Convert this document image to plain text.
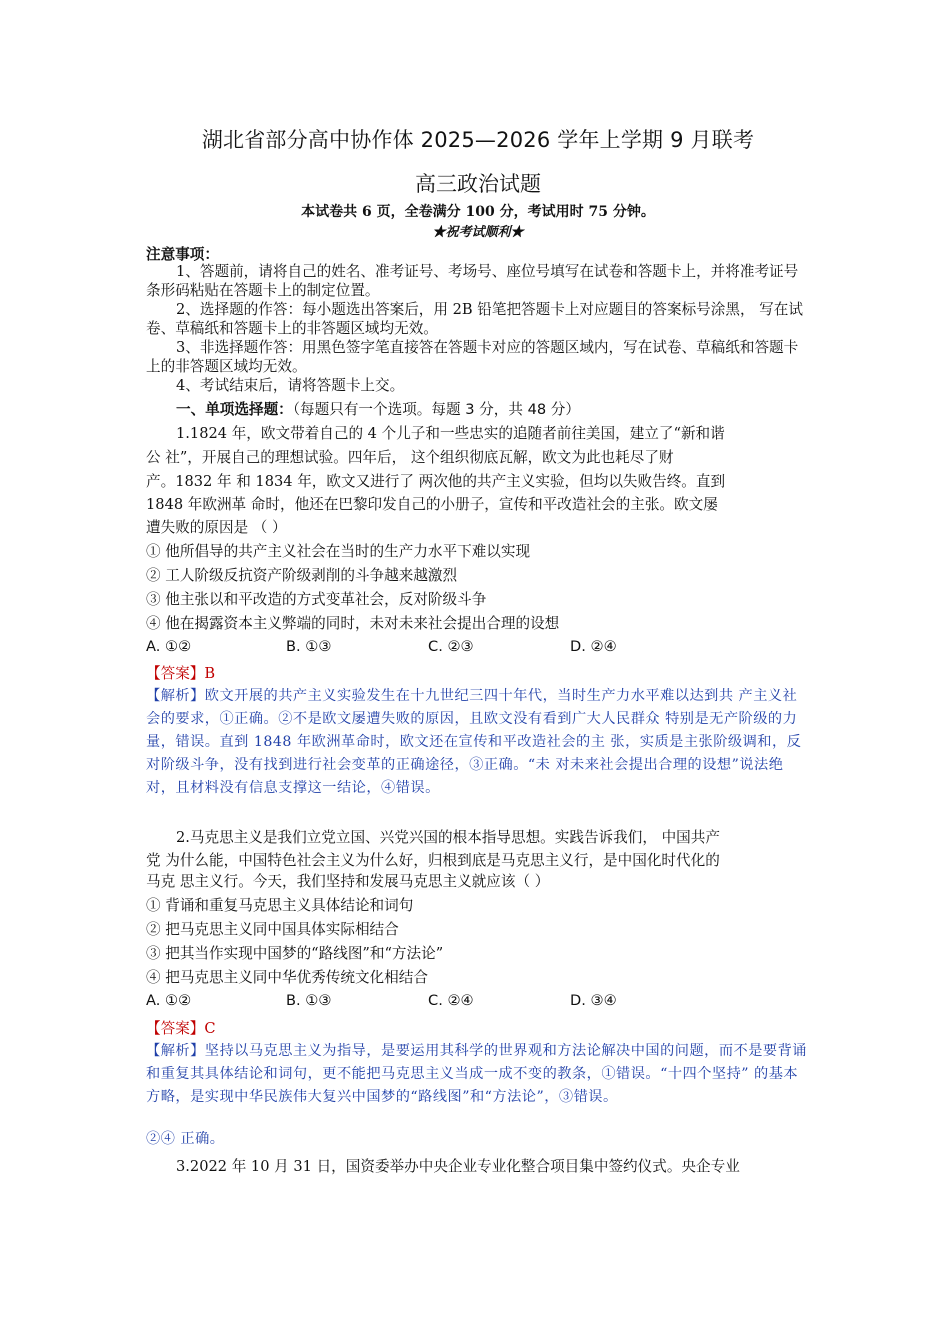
湖北省部分高中协作体 2025—2026 学年上学期 9 月联考
高三政治试题
本试卷共 6 页，全卷满分 100 分，考试用时 75 分钟。
★祝考试顺利★
注意事项：

1、答题前，请将自己的姓名、准考证号、考场号、座位号填写在试卷和答题卡上，并将准考证号条形码粘贴在答题卡上的制定位置。

2、选择题的作答：每小题选出答案后，用 2B 铅笔把答题卡上对应题目的答案标号涂黑， 写在试卷、草稿纸和答题卡上的非答题区域均无效。

3、非选择题作答：用黑色签字笔直接答在答题卡对应的答题区域内，写在试卷、草稿纸和答题卡上的非答题区域均无效。

4、考试结束后，请将答题卡上交。

一、单项选择题：（每题只有一个选项。每题 3 分，共 48 分）
1.1824 年，欧文带着自己的 4 个儿子和一些忠实的追随者前往美国，建立了“新和谐
公 社”，开展自己的理想试验。四年后， 这个组织彻底瓦解，欧文为此也耗尽了财
产。1832 年 和 1834 年，欧文又进行了 两次他的共产主义实验，但均以失败告终。直到
1848 年欧洲革 命时，他还在巴黎印发自己的小册子，宣传和平改造社会的主张。欧文屡
遭失败的原因是 （ ）
① 他所倡导的共产主义社会在当时的生产力水平下难以实现
② 工人阶级反抗资产阶级剥削的斗争越来越激烈
③ 他主张以和平改造的方式变革社会，反对阶级斗争
④ 他在揭露资本主义弊端的同时，未对未来社会提出合理的设想
A. ①②	B. ①③	C. ②③	D. ②④
【答案】B
【解析】欧文开展的共产主义实验发生在十九世纪三四十年代，当时生产力水平难以达到共 产主义社会的要求，①正确。②不是欧文屡遭失败的原因，且欧文没有看到广大人民群众 特别是无产阶级的力量，错误。直到 1848 年欧洲革命时，欧文还在宣传和平改造社会的主 张，实质是主张阶级调和，反对阶级斗争，没有找到进行社会变革的正确途径，③正确。“未 对未来社会提出合理的设想”说法绝对，且材料没有信息支撑这一结论，④错误。
2.马克思主义是我们立党立国、兴党兴国的根本指导思想。实践告诉我们， 中国共产
党 为什么能，中国特色社会主义为什么好，归根到底是马克思主义行，是中国化时代化的
马克 思主义行。今天，我们坚持和发展马克思主义就应该（ ）
① 背诵和重复马克思主义具体结论和词句
② 把马克思主义同中国具体实际相结合
③ 把其当作实现中国梦的“路线图”和“方法论”
④ 把马克思主义同中华优秀传统文化相结合
A. ①②	B. ①③	C. ②④	D. ③④
【答案】C
【解析】坚持以马克思主义为指导，是要运用其科学的世界观和方法论解决中国的问题，而不是要背诵和重复其具体结论和词句，更不能把马克思主义当成一成不变的教条，①错误。“十四个坚持” 的基本方略，是实现中华民族伟大复兴中国梦的“路线图”和“方法论”，③错误。
②④ 正确。
3.2022 年 10 月 31 日，国资委举办中央企业专业化整合项目集中签约仪式。央企专业
